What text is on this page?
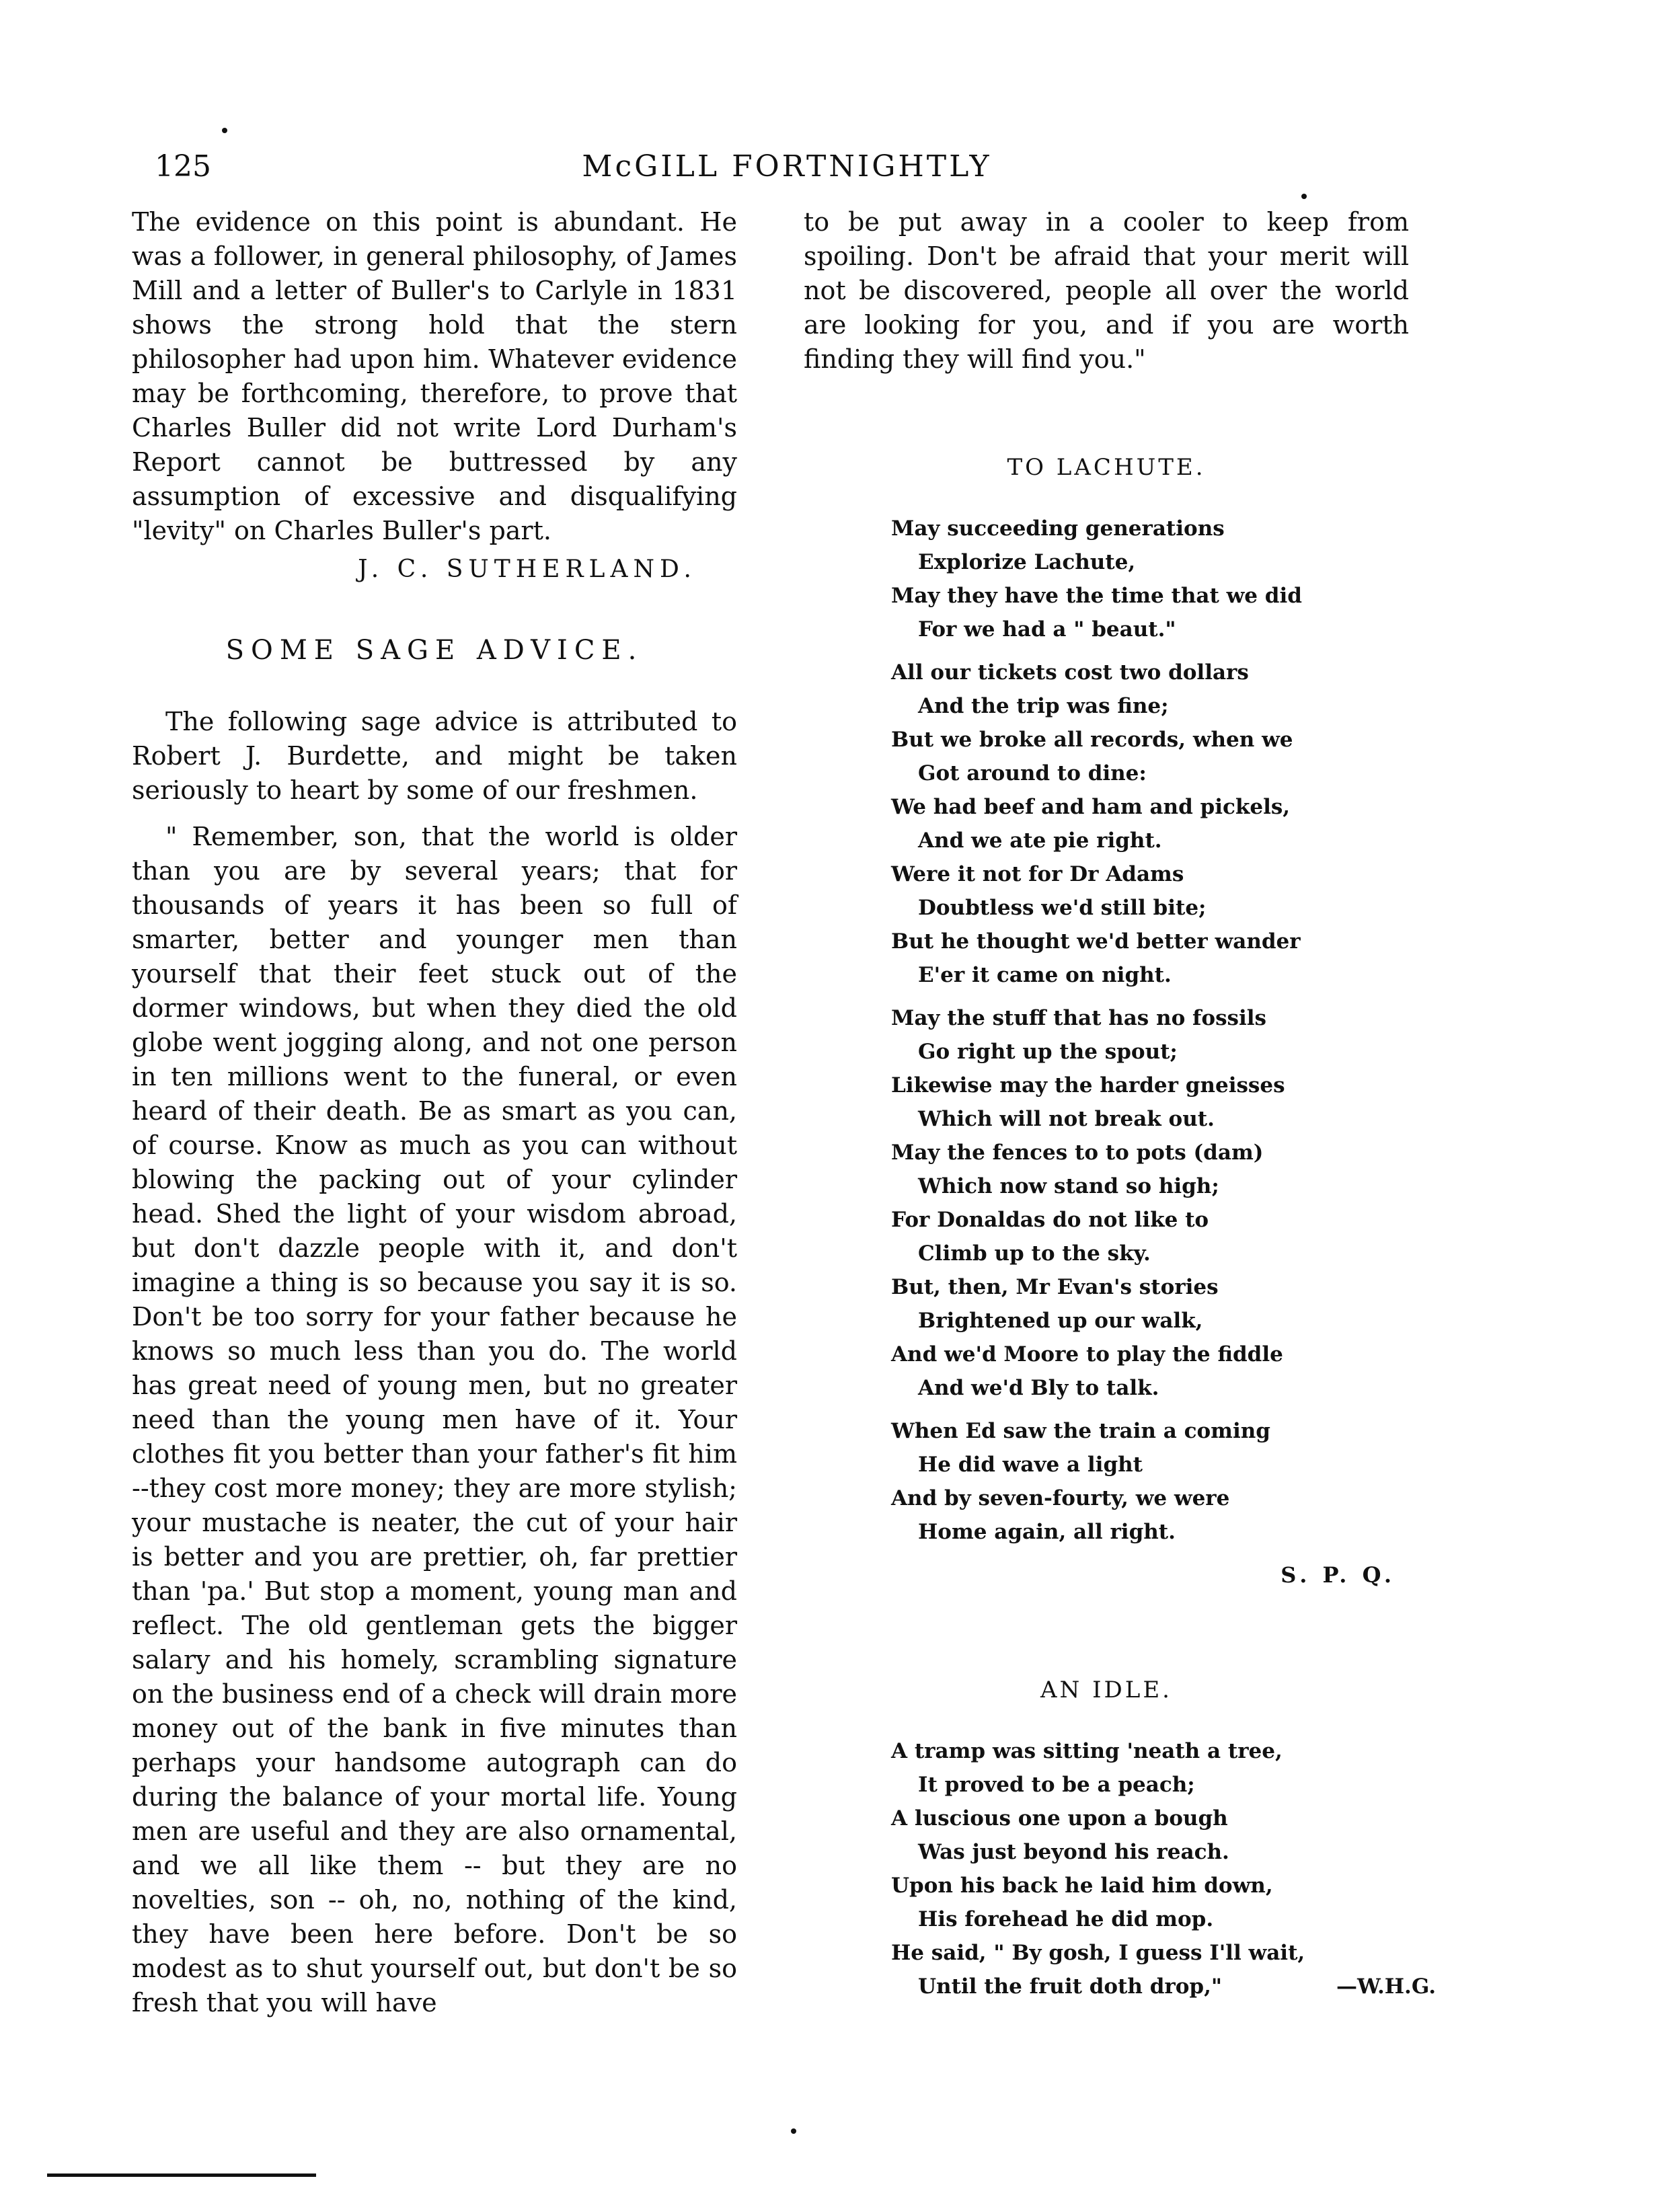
125	McGILL FORTNIGHTLY

The evidence on this point is abundant. He was a follower, in general philosophy, of James Mill and a letter of Buller's to Carlyle in 1831 shows the strong hold that the stern philosopher had upon him. Whatever evidence may be forthcoming, therefore, to prove that Charles Buller did not write Lord Durham's Report cannot be buttressed by any assumption of excessive and disqualifying "levity" on Charles Buller's part.

J. C. SUTHERLAND.

SOME SAGE ADVICE.

The following sage advice is attributed to Robert J. Burdette, and might be taken seriously to heart by some of our freshmen.

" Remember, son, that the world is older than you are by several years; that for thousands of years it has been so full of smarter, better and younger men than yourself that their feet stuck out of the dormer windows, but when they died the old globe went jogging along, and not one person in ten millions went to the funeral, or even heard of their death. Be as smart as you can, of course. Know as much as you can without blowing the packing out of your cylinder head. Shed the light of your wisdom abroad, but don't dazzle people with it, and don't imagine a thing is so because you say it is so. Don't be too sorry for your father because he knows so much less than you do. The world has great need of young men, but no greater need than the young men have of it. Your clothes fit you better than your father's fit him --they cost more money; they are more stylish; your mustache is neater, the cut of your hair is better and you are prettier, oh, far prettier than 'pa.' But stop a moment, young man and reflect. The old gentleman gets the bigger salary and his homely, scrambling signature on the business end of a check will drain more money out of the bank in five minutes than perhaps your handsome autograph can do during the balance of your mortal life. Young men are useful and they are also ornamental, and we all like them -- but they are no novelties, son -- oh, no, nothing of the kind, they have been here before. Don't be so modest as to shut yourself out, but don't be so fresh that you will have

to be put away in a cooler to keep from spoiling. Don't be afraid that your merit will not be discovered, people all over the world are looking for you, and if you are worth finding they will find you."

TO LACHUTE.
May succeeding generations
Explorize Lachute,
May they have the time that we did
For we had a " beaut."
All our tickets cost two dollars
And the trip was fine;
But we broke all records, when we
Got around to dine:
We had beef and ham and pickels,
And we ate pie right.
Were it not for Dr Adams
Doubtless we'd still bite;
But he thought we'd better wander
E'er it came on night.
May the stuff that has no fossils
Go right up the spout;
Likewise may the harder gneisses
Which will not break out.
May the fences to to pots (dam)
Which now stand so high;
For Donaldas do not like to
Climb up to the sky.
But, then, Mr Evan's stories
Brightened up our walk,
And we'd Moore to play the fiddle
And we'd Bly to talk.
When Ed saw the train a coming
He did wave a light
And by seven-fourty, we were
Home again, all right.
S. P. Q.
AN IDLE.
A tramp was sitting 'neath a tree,
It proved to be a peach;
A luscious one upon a bough
Was just beyond his reach.
Upon his back he laid him down,
His forehead he did mop.
He said, " By gosh, I guess I'll wait,
Until the fruit doth drop,"	—W.H.G.
